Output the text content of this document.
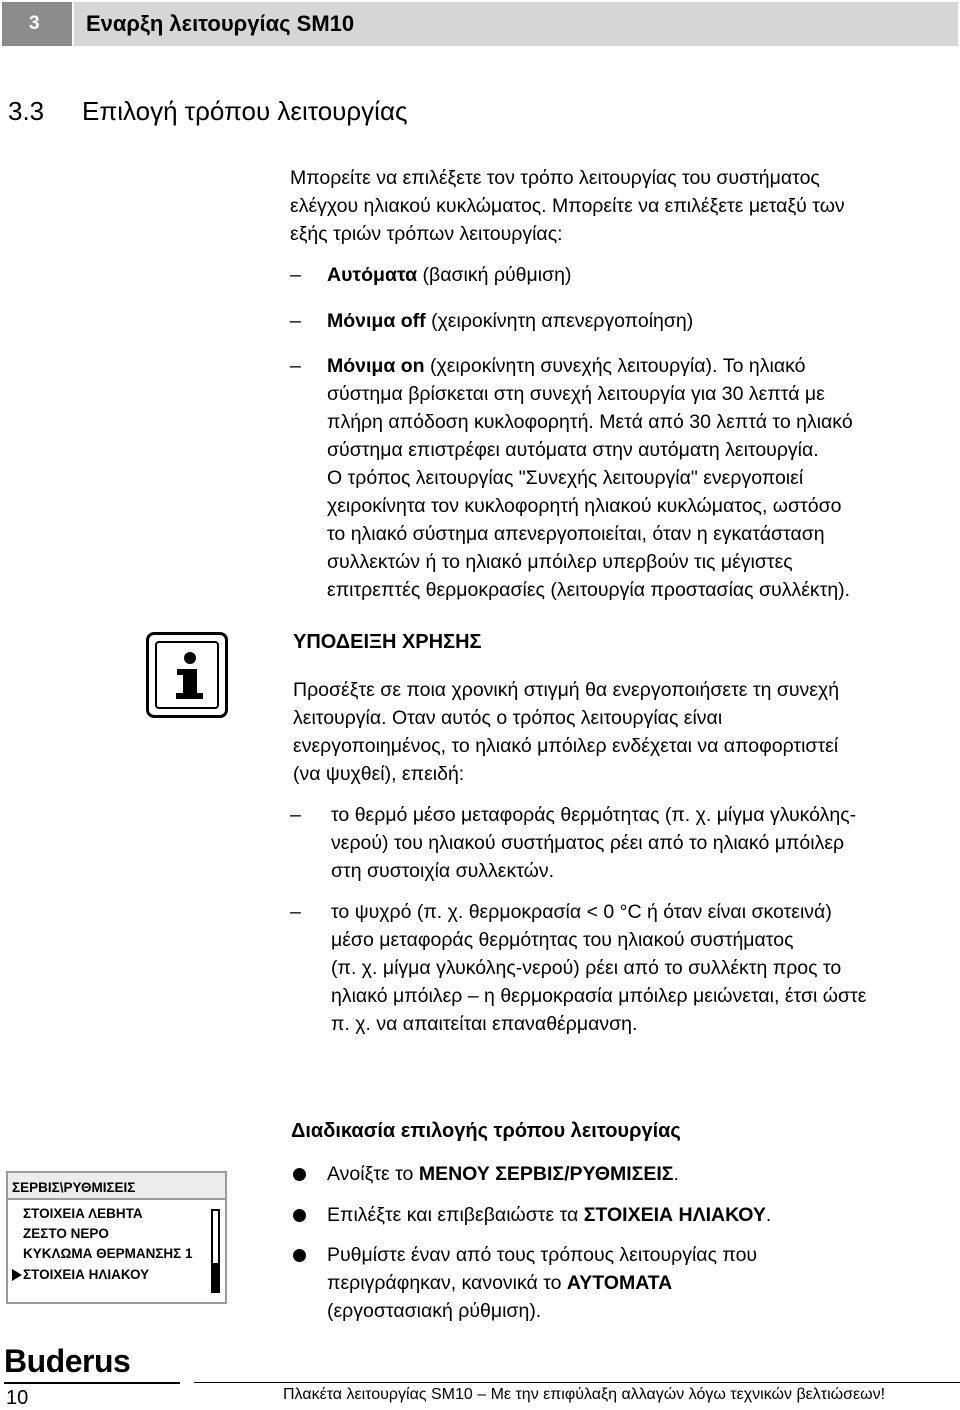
3	Εναρξη λειτουργίας SM10
3.3 Επιλογή τρόπου λειτουργίας
Μπορείτε να επιλέξετε τον τρόπο λειτουργίας του συστήματος
ελέγχου ηλιακού κυκλώματος. Μπορείτε να επιλέξετε μεταξύ των
εξής τριών τρόπων λειτουργίας:
– Αυτόματα (βασική ρύθμιση)
– Μόνιμα off (χειροκίνητη απενεργοποίηση)
– Μόνιμα on (χειροκίνητη συνεχής λειτουργία). Το ηλιακό
σύστημα βρίσκεται στη συνεχή λειτουργία για 30 λεπτά με
πλήρη απόδοση κυκλοφορητή. Μετά από 30 λεπτά το ηλιακό
σύστημα επιστρέφει αυτόματα στην αυτόματη λειτουργία.
Ο τρόπος λειτουργίας "Συνεχής λειτουργία" ενεργοποιεί
χειροκίνητα τον κυκλοφορητή ηλιακού κυκλώματος, ωστόσο
το ηλιακό σύστημα απενεργοποιείται, όταν η εγκατάσταση
συλλεκτών ή το ηλιακό μπόιλερ υπερβούν τις μέγιστες
επιτρεπτές θερμοκρασίες (λειτουργία προστασίας συλλέκτη).
ΥΠΟΔΕΙΞΗ ΧΡΗΣΗΣ
Προσέξτε σε ποια χρονική στιγμή θα ενεργοποιήσετε τη συνεχή
λειτουργία. Οταν αυτός ο τρόπος λειτουργίας είναι
ενεργοποιημένος, το ηλιακό μπόιλερ ενδέχεται να αποφορτιστεί
(να ψυχθεί), επειδή:
– το θερμό μέσο μεταφοράς θερμότητας (π. χ. μίγμα γλυκόλης-
νερού) του ηλιακού συστήματος ρέει από το ηλιακό μπόιλερ
στη συστοιχία συλλεκτών.
– το ψυχρό (π. χ. θερμοκρασία < 0 °C ή όταν είναι σκοτεινά)
μέσο μεταφοράς θερμότητας του ηλιακού συστήματος
(π. χ. μίγμα γλυκόλης-νερού) ρέει από το συλλέκτη προς το
ηλιακό μπόιλερ – η θερμοκρασία μπόιλερ μειώνεται, έτσι ώστε
π. χ. να απαιτείται επαναθέρμανση.
Διαδικασία επιλογής τρόπου λειτουργίας
Ανοίξτε το ΜΕΝΟΥ ΣΕΡΒΙΣ/ΡΥΘΜΙΣΕΙΣ.
Επιλέξτε και επιβεβαιώστε τα ΣΤΟΙΧΕΙΑ ΗΛΙΑΚΟΥ.
Ρυθμίστε έναν από τους τρόπους λειτουργίας που
περιγράφηκαν, κανονικά το ΑΥΤΟΜΑΤΑ
(εργοστασιακή ρύθμιση).
ΣΕΡΒΙΣ\ΡΥΘΜΙΣΕΙΣ
ΣΤΟΙΧΕΙΑ ΛΕΒΗΤΑ
ΖΕΣΤΟ ΝΕΡΟ
ΚΥΚΛΩΜΑ ΘΕΡΜΑΝΣΗΣ 1
ΣΤΟΙΧΕΙΑ ΗΛΙΑΚΟΥ
Buderus
10	Πλακέτα λειτουργίας SM10 – Με την επιφύλαξη αλλαγών λόγω τεχνικών βελτιώσεων!
